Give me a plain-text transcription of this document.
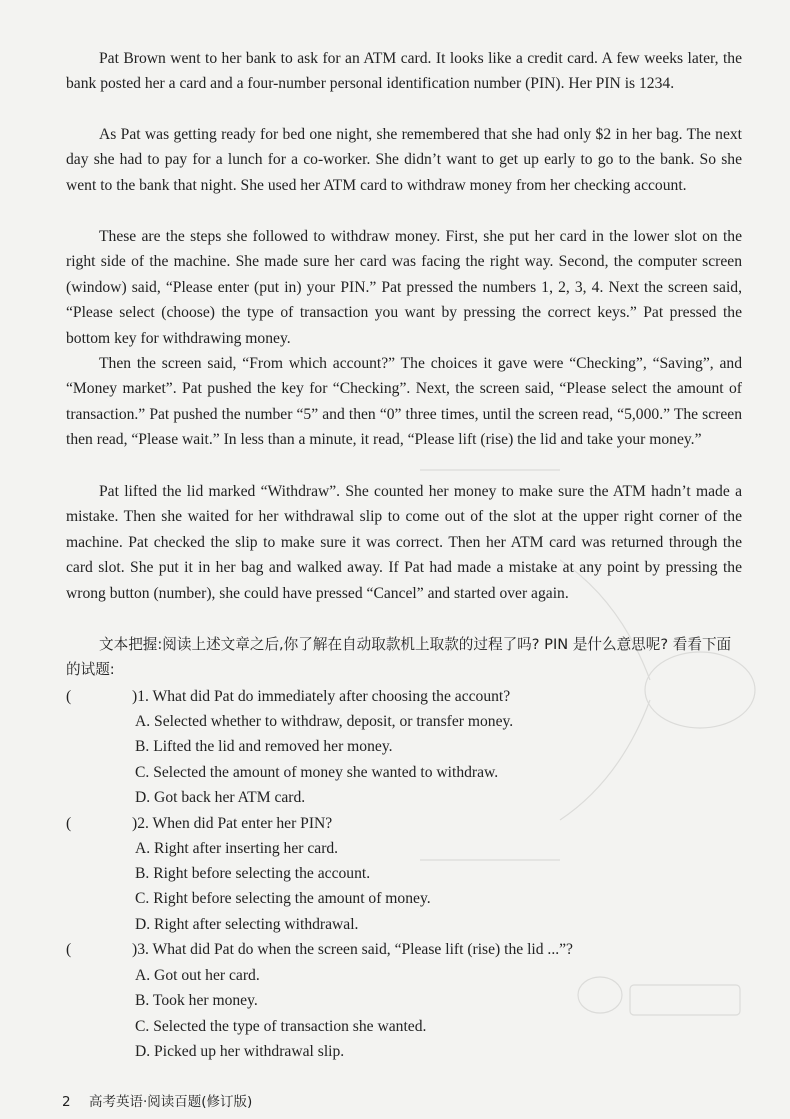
Pat Brown went to her bank to ask for an ATM card. It looks like a credit card. A few weeks later, the bank posted her a card and a four-number personal identification number (PIN). Her PIN is 1234.

As Pat was getting ready for bed one night, she remembered that she had only $2 in her bag. The next day she had to pay for a lunch for a co-worker. She didn’t want to get up early to go to the bank. So she went to the bank that night. She used her ATM card to withdraw money from her checking account.

These are the steps she followed to withdraw money. First, she put her card in the lower slot on the right side of the machine. She made sure her card was facing the right way. Second, the computer screen (window) said, “Please enter (put in) your PIN.” Pat pressed the numbers 1, 2, 3, 4. Next the screen said, “Please select (choose) the type of transaction you want by pressing the correct keys.” Pat pressed the bottom key for withdrawing money.

Then the screen said, “From which account?” The choices it gave were “Checking”, “Saving”, and “Money market”. Pat pushed the key for “Checking”. Next, the screen said, “Please select the amount of transaction.” Pat pushed the number “5” and then “0” three times, until the screen read, “5,000.” The screen then read, “Please wait.” In less than a minute, it read, “Please lift (rise) the lid and take your money.”

Pat lifted the lid marked “Withdraw”. She counted her money to make sure the ATM hadn’t made a mistake. Then she waited for her withdrawal slip to come out of the slot at the upper right corner of the machine. Pat checked the slip to make sure it was correct. Then her ATM card was returned through the card slot. She put it in her bag and walked away. If Pat had made a mistake at any point by pressing the wrong button (number), she could have pressed “Cancel” and started over again.

文本把握:阅读上述文章之后,你了解在自动取款机上取款的过程了吗? PIN 是什么意思呢? 看看下面的试题:

(	)1. What did Pat do immediately after choosing the account?
A. Selected whether to withdraw, deposit, or transfer money.
B. Lifted the lid and removed her money.
C. Selected the amount of money she wanted to withdraw.
D. Got back her ATM card.
(	)2. When did Pat enter her PIN?
A. Right after inserting her card.
B. Right before selecting the account.
C. Right before selecting the amount of money.
D. Right after selecting withdrawal.
(	)3. What did Pat do when the screen said, “Please lift (rise) the lid ...”?
A. Got out her card.
B. Took her money.
C. Selected the type of transaction she wanted.
D. Picked up her withdrawal slip.
2 高考英语·阅读百题(修订版)
